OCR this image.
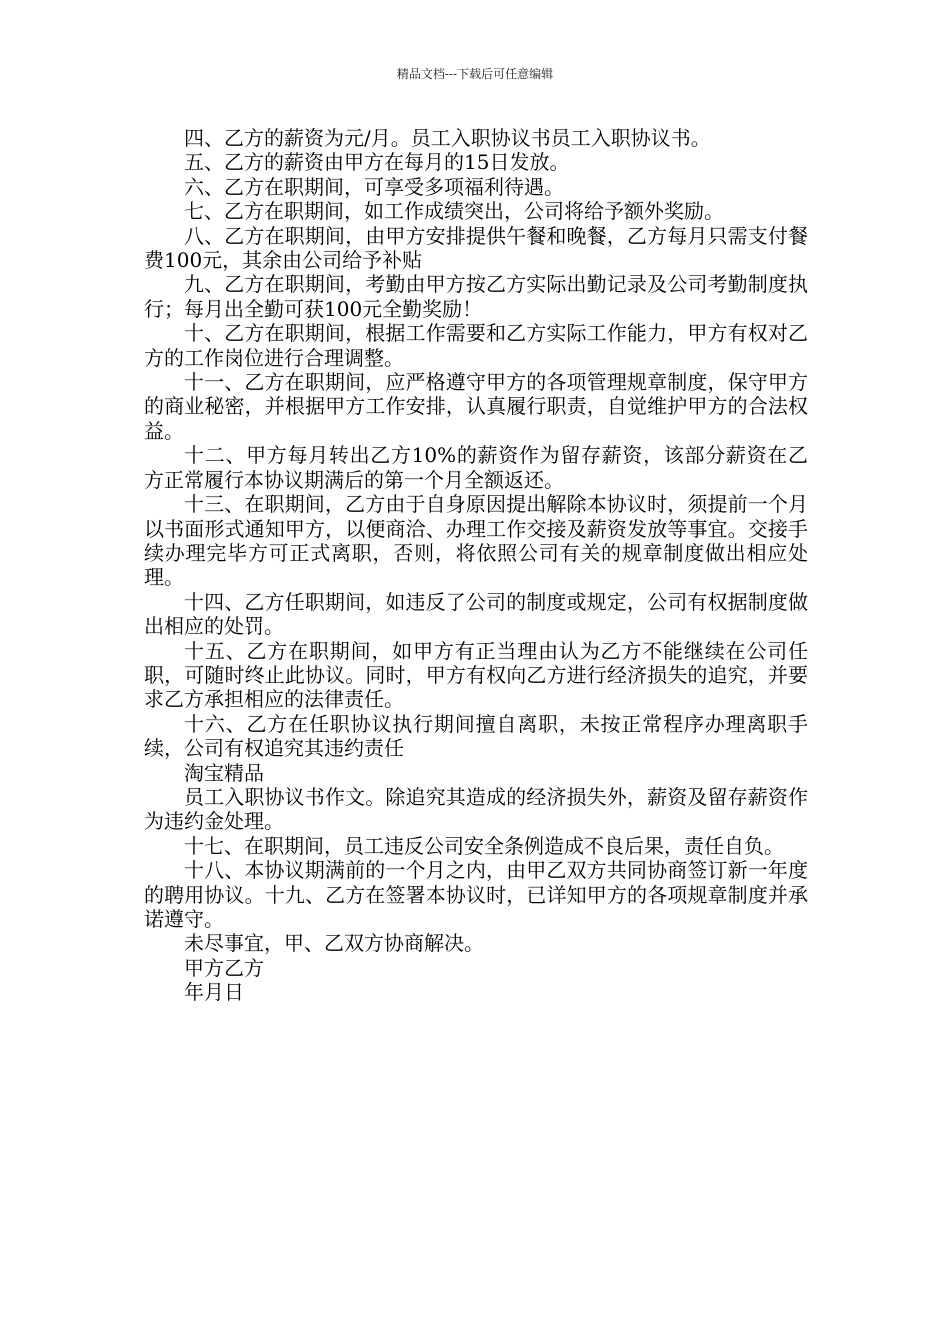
精品文档---下载后可任意编辑

四、乙方的薪资为元/月。员工入职协议书员工入职协议书。

五、乙方的薪资由甲方在每月的15日发放。

六、乙方在职期间，可享受多项福利待遇。

七、乙方在职期间，如工作成绩突出，公司将给予额外奖励。

八、乙方在职期间，由甲方安排提供午餐和晚餐，乙方每月只需支付餐费100元，其余由公司给予补贴

九、乙方在职期间，考勤由甲方按乙方实际出勤记录及公司考勤制度执行；每月出全勤可获100元全勤奖励！

十、乙方在职期间，根据工作需要和乙方实际工作能力，甲方有权对乙方的工作岗位进行合理调整。

十一、乙方在职期间，应严格遵守甲方的各项管理规章制度，保守甲方的商业秘密，并根据甲方工作安排，认真履行职责，自觉维护甲方的合法权益。

十二、甲方每月转出乙方10%的薪资作为留存薪资，该部分薪资在乙方正常履行本协议期满后的第一个月全额返还。

十三、在职期间，乙方由于自身原因提出解除本协议时，须提前一个月以书面形式通知甲方，以便商洽、办理工作交接及薪资发放等事宜。交接手续办理完毕方可正式离职，否则，将依照公司有关的规章制度做出相应处理。

十四、乙方任职期间，如违反了公司的制度或规定，公司有权据制度做出相应的处罚。

十五、乙方在职期间，如甲方有正当理由认为乙方不能继续在公司任职，可随时终止此协议。同时，甲方有权向乙方进行经济损失的追究，并要求乙方承担相应的法律责任。

十六、乙方在任职协议执行期间擅自离职，未按正常程序办理离职手续，公司有权追究其违约责任

淘宝精品

员工入职协议书作文。除追究其造成的经济损失外，薪资及留存薪资作为违约金处理。

十七、在职期间，员工违反公司安全条例造成不良后果，责任自负。

十八、本协议期满前的一个月之内，由甲乙双方共同协商签订新一年度的聘用协议。十九、乙方在签署本协议时，已详知甲方的各项规章制度并承诺遵守。

未尽事宜，甲、乙双方协商解决。

甲方乙方

年月日
